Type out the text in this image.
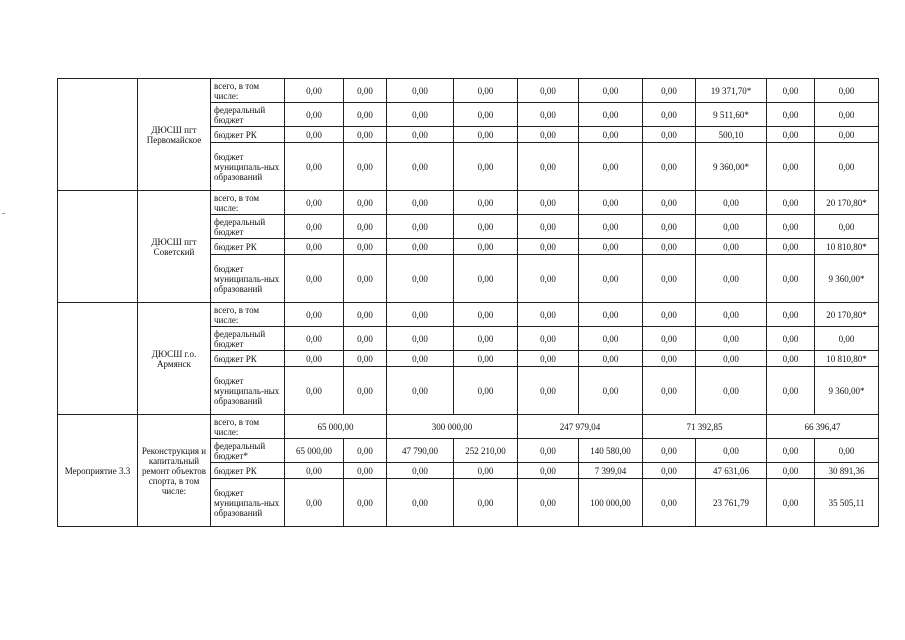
	ДЮСШ пгт Первомайское	всего, в том числе:	0,00	0,00	0,00	0,00	0,00	0,00	0,00	19 371,70*	0,00	0,00
		федеральный бюджет	0,00	0,00	0,00	0,00	0,00	0,00	0,00	9 511,60*	0,00	0,00
		бюджет РК	0,00	0,00	0,00	0,00	0,00	0,00	0,00	500,10	0,00	0,00
		бюджет муниципаль-ных образований	0,00	0,00	0,00	0,00	0,00	0,00	0,00	9 360,00*	0,00	0,00
	ДЮСШ пгт Советский	всего, в том числе:	0,00	0,00	0,00	0,00	0,00	0,00	0,00	0,00	0,00	20 170,80*
		федеральный бюджет	0,00	0,00	0,00	0,00	0,00	0,00	0,00	0,00	0,00	0,00
		бюджет РК	0,00	0,00	0,00	0,00	0,00	0,00	0,00	0,00	0,00	10 810,80*
		бюджет муниципаль-ных образований	0,00	0,00	0,00	0,00	0,00	0,00	0,00	0,00	0,00	9 360,00*
	ДЮСШ г.о. Армянск	всего, в том числе:	0,00	0,00	0,00	0,00	0,00	0,00	0,00	0,00	0,00	20 170,80*
		федеральный бюджет	0,00	0,00	0,00	0,00	0,00	0,00	0,00	0,00	0,00	0,00
		бюджет РК	0,00	0,00	0,00	0,00	0,00	0,00	0,00	0,00	0,00	10 810,80*
		бюджет муниципаль-ных образований	0,00	0,00	0,00	0,00	0,00	0,00	0,00	0,00	0,00	9 360,00*
Мероприятие 3.3	Реконструкция и капитальный ремонт объектов спорта, в том числе:	всего, в том числе:	65 000,00		300 000,00		247 979,04		71 392,85		66 396,47	
		федеральный бюджет*	65 000,00	0,00	47 790,00	252 210,00	0,00	140 580,00	0,00	0,00	0,00	0,00
		бюджет РК	0,00	0,00	0,00	0,00	0,00	7 399,04	0,00	47 631,06	0,00	30 891,36
		бюджет муниципаль-ных образований	0,00	0,00	0,00	0,00	0,00	100 000,00	0,00	23 761,79	0,00	35 505,11
